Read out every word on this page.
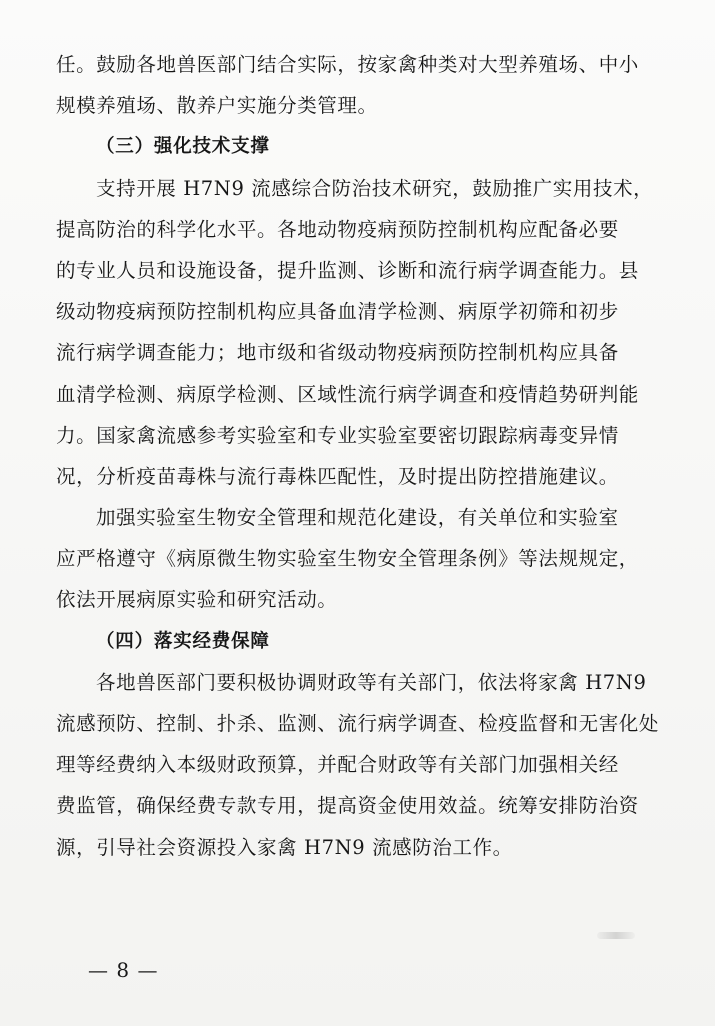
任。鼓励各地兽医部门结合实际，按家禽种类对大型养殖场、中小
规模养殖场、散养户实施分类管理。
（三）强化技术支撑
支持开展 H7N9 流感综合防治技术研究，鼓励推广实用技术，
提高防治的科学化水平。各地动物疫病预防控制机构应配备必要
的专业人员和设施设备，提升监测、诊断和流行病学调查能力。县
级动物疫病预防控制机构应具备血清学检测、病原学初筛和初步
流行病学调查能力；地市级和省级动物疫病预防控制机构应具备
血清学检测、病原学检测、区域性流行病学调查和疫情趋势研判能
力。国家禽流感参考实验室和专业实验室要密切跟踪病毒变异情
况，分析疫苗毒株与流行毒株匹配性，及时提出防控措施建议。
加强实验室生物安全管理和规范化建设，有关单位和实验室
应严格遵守《病原微生物实验室生物安全管理条例》等法规规定，
依法开展病原实验和研究活动。
（四）落实经费保障
各地兽医部门要积极协调财政等有关部门，依法将家禽 H7N9
流感预防、控制、扑杀、监测、流行病学调查、检疫监督和无害化处
理等经费纳入本级财政预算，并配合财政等有关部门加强相关经
费监管，确保经费专款专用，提高资金使用效益。统筹安排防治资
源，引导社会资源投入家禽 H7N9 流感防治工作。
— 8 —
